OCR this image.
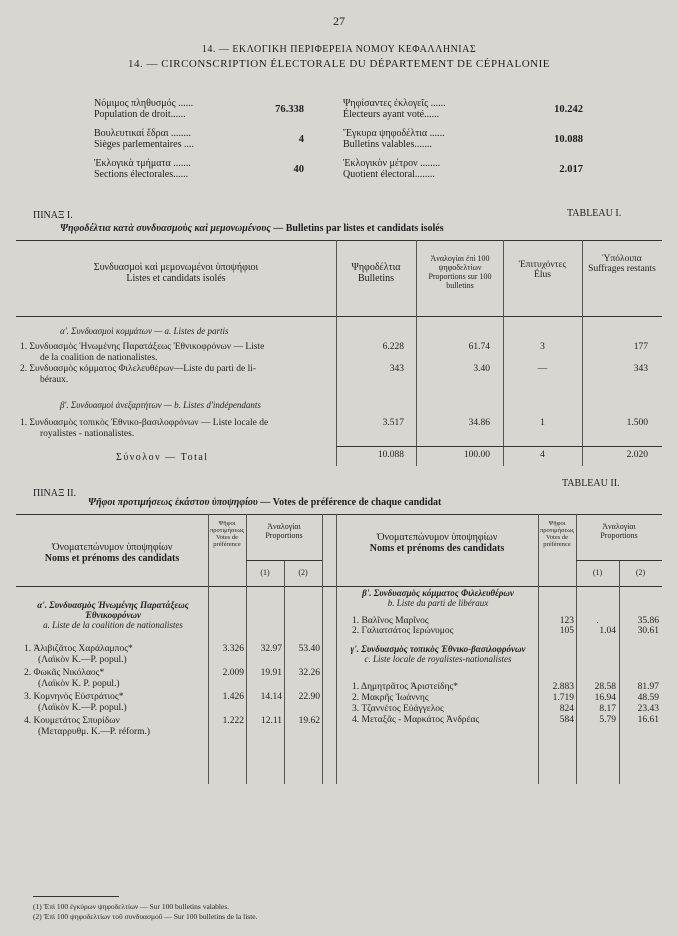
27
14. — ΕΚΛΟΓΙΚΗ ΠΕΡΙΦΕΡΕΙΑ ΝΟΜΟΥ ΚΕΦΑΛΛΗΝΙΑΣ
14. — CIRCONSCRIPTION ÉLECTORALE DU DÉPARTEMENT DE CÉPHALONIE
Νόμιμος πληθυσμός ......
Population de droit......	76.338
Βουλευτικαί ἕδραι ........
Sièges parlementaires ....	4
Ἐκλογικὰ τμήματα .......
Sections électorales......	40
Ψηφίσαντες ἐκλογεῖς ......
Électeurs ayant voté......	10.242
Ἔγκυρα ψηφοδέλτια ......
Bulletins valables.......	10.088
Ἐκλογικὸν μέτρον ........
Quotient électoral........	2.017
ΠΙΝΑΞ Ι.	TABLEAU I.
Ψηφοδέλτια κατὰ συνδυασμοὺς καὶ μεμονωμένους — Bulletins par listes et candidats isolés
Συνδυασμοὶ καὶ μεμονωμένοι ὑποψήφιοι
Listes et candidats isolés
Ψηφοδέλτια
Bulletins
Ἀναλογίαι ἐπὶ 100 ψηφοδελτίων
Proportions sur 100 bulletins
Ἐπιτυχόντες
Élus
Ὑπόλοιπα
Suffrages restants
α'. Συνδυασμοὶ κομμάτων — a. Listes de partis
1. Συνδυασμὸς Ἡνωμένης Παρατάξεως Ἐθνικοφρόνων — Liste
de la coalition de nationalistes.
6.228	61.74	3	177
2. Συνδυασμὸς κόμματος Φιλελευθέρων—Liste du parti de li-
béraux.
343	3.40	—	343
β'. Συνδυασμοὶ ἀνεξαρτήτων — b. Listes d'indépendants
1. Συνδυασμὸς τοπικὸς Ἐθνικο-βασιλοφρόνων — Liste locale de
royalistes - nationalistes.
3.517	34.86	1	1.500
Σύνολον — Total	10.088	100.00	4	2.020
ΠΙΝΑΞ ΙΙ.
TABLEAU II.
Ψῆφοι προτιμήσεως ἑκάστου ὑποψηφίου — Votes de préférence de chaque candidat
Ὀνοματεπώνυμον ὑποψηφίων
Noms et prénoms des candidats
Ψῆφοι προτιμήσεως Votes de préférence
Ἀναλογίαι
Proportions
(1)	(2)
Ὀνοματεπώνυμον ὑποψηφίων
Noms et prénoms des candidats
Ψῆφοι προτιμήσεως Votes de préférence
Ἀναλογίαι
Proportions
(1)	(2)
α'. Συνδυασμὸς Ἡνωμένης Παρατάξεως Ἐθνικοφρόνων
a. Liste de la coalition de nationalistes
1. Ἀλιβιζᾶτος Χαράλαμπος*
(Λαϊκὸν Κ.—P. popul.)
3.326	32.97	53.40
2. Φωκᾶς Νικόλαος*
(Λαϊκὸν Κ. P. popul.)
2.009	19.91	32.26
3. Κομνηνὸς Εὐστράτιος*
(Λαϊκὸν Κ.—P. popul.)
1.426	14.14	22.90
4. Κουμετάτος Σπυρίδων
(Μεταρρυθμ. Κ.—P. réform.)
1.222	12.11	19.62
β'. Συνδυασμὸς κόμματος Φιλελευθέρων
b. Liste du parti de libéraux
1. Βαλῖνος Μαρῖνος	123	.	35.86
2. Γαλιατσάτος Ιερώνυμος	105	1.04	30.61
γ'. Συνδυασμὸς τοπικὸς Ἐθνικο-βασιλοφρόνων
c. Liste locale de royalistes-nationalistes
1. Δημητρᾶτος Ἀριστείδης*	2.883	28.58	81.97
2. Μακρῆς Ἰωάννης	1.719	16.94	48.59
3. Τζαννέτος Εὐάγγελος	824	8.17	23.43
4. Μεταξᾶς - Μαρκάτος Ἀνδρέας	584	5.79	16.61
(1) Ἐπὶ 100 ἐγκύρων ψηφοδελτίων — Sur 100 bulletins valables.
(2) Ἐπὶ 100 ψηφοδελτίων τοῦ συνδυασμοῦ — Sur 100 bulletins de la liste.
